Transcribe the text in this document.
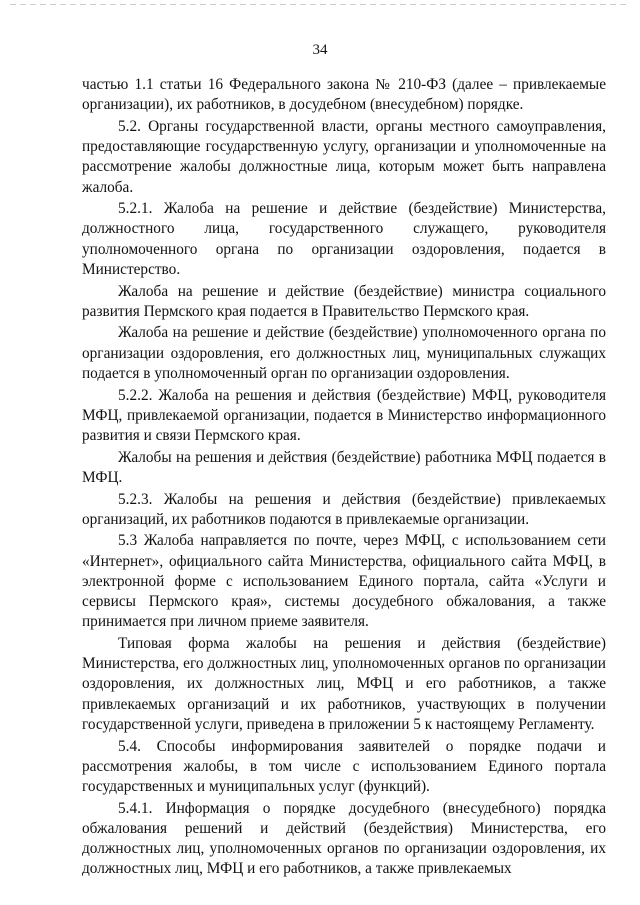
34

частью 1.1 статьи 16 Федерального закона № 210-ФЗ (далее – привлекаемые организации), их работников, в досудебном (внесудебном) порядке.

5.2. Органы государственной власти, органы местного самоуправления, предоставляющие государственную услугу, организации и уполномоченные на рассмотрение жалобы должностные лица, которым может быть направлена жалоба.

5.2.1. Жалоба на решение и действие (бездействие) Министерства, должностного лица, государственного служащего, руководителя уполномоченного органа по организации оздоровления, подается в Министерство.

Жалоба на решение и действие (бездействие) министра социального развития Пермского края подается в Правительство Пермского края.

Жалоба на решение и действие (бездействие) уполномоченного органа по организации оздоровления, его должностных лиц, муниципальных служащих подается в уполномоченный орган по организации оздоровления.

5.2.2. Жалоба на решения и действия (бездействие) МФЦ, руководителя МФЦ, привлекаемой организации, подается в Министерство информационного развития и связи Пермского края.

Жалобы на решения и действия (бездействие) работника МФЦ подается в МФЦ.

5.2.3. Жалобы на решения и действия (бездействие) привлекаемых организаций, их работников подаются в привлекаемые организации.

5.3 Жалоба направляется по почте, через МФЦ, с использованием сети «Интернет», официального сайта Министерства, официального сайта МФЦ, в электронной форме с использованием Единого портала, сайта «Услуги и сервисы Пермского края», системы досудебного обжалования, а также принимается при личном приеме заявителя.

Типовая форма жалобы на решения и действия (бездействие) Министерства, его должностных лиц, уполномоченных органов по организации оздоровления, их должностных лиц, МФЦ и его работников, а также привлекаемых организаций и их работников, участвующих в получении государственной услуги, приведена в приложении 5 к настоящему Регламенту.

5.4. Способы информирования заявителей о порядке подачи и рассмотрения жалобы, в том числе с использованием Единого портала государственных и муниципальных услуг (функций).

5.4.1. Информация о порядке досудебного (внесудебного) порядка обжалования решений и действий (бездействия) Министерства, его должностных лиц, уполномоченных органов по организации оздоровления, их должностных лиц, МФЦ и его работников, а также привлекаемых
